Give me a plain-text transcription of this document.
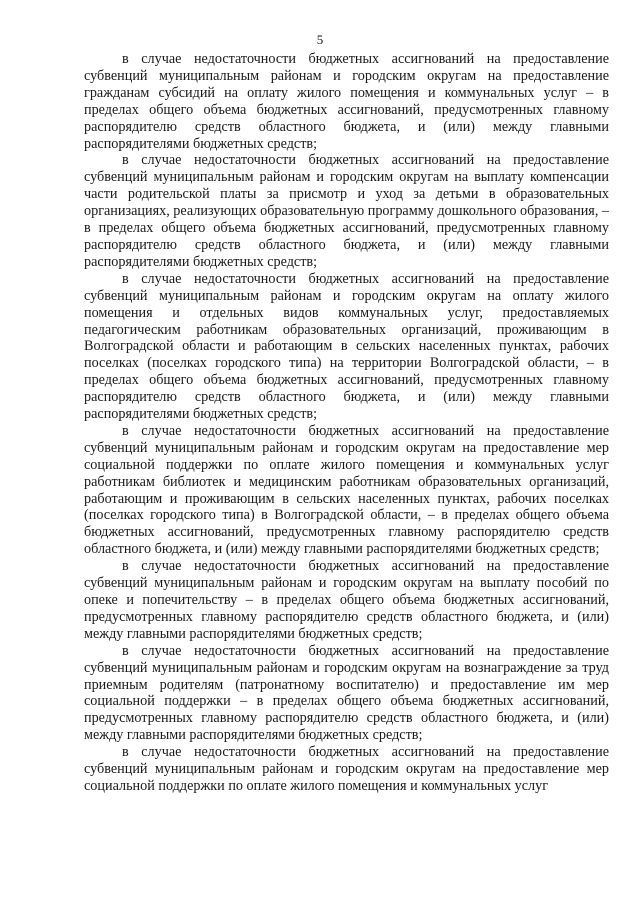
5

в случае недостаточности бюджетных ассигнований на предоставление субвенций муниципальным районам и городским округам на предоставление гражданам субсидий на оплату жилого помещения и коммунальных услуг – в пределах общего объема бюджетных ассигнований, предусмотренных главному распорядителю средств областного бюджета, и (или) между главными распорядителями бюджетных средств;

в случае недостаточности бюджетных ассигнований на предоставление субвенций муниципальным районам и городским округам на выплату компенсации части родительской платы за присмотр и уход за детьми в образовательных организациях, реализующих образовательную программу дошкольного образования, – в пределах общего объема бюджетных ассигнований, предусмотренных главному распорядителю средств областного бюджета, и (или) между главными распорядителями бюджетных средств;

в случае недостаточности бюджетных ассигнований на предоставление субвенций муниципальным районам и городским округам на оплату жилого помещения и отдельных видов коммунальных услуг, предоставляемых педагогическим работникам образовательных организаций, проживающим в Волгоградской области и работающим в сельских населенных пунктах, рабочих поселках (поселках городского типа) на территории Волгоградской области, – в пределах общего объема бюджетных ассигнований, предусмотренных главному распорядителю средств областного бюджета, и (или) между главными распорядителями бюджетных средств;

в случае недостаточности бюджетных ассигнований на предоставление субвенций муниципальным районам и городским округам на предоставление мер социальной поддержки по оплате жилого помещения и коммунальных услуг работникам библиотек и медицинским работникам образовательных организаций, работающим и проживающим в сельских населенных пунктах, рабочих поселках (поселках городского типа) в Волгоградской области, – в пределах общего объема бюджетных ассигнований, предусмотренных главному распорядителю средств областного бюджета, и (или) между главными распорядителями бюджетных средств;

в случае недостаточности бюджетных ассигнований на предоставление субвенций муниципальным районам и городским округам на выплату пособий по опеке и попечительству – в пределах общего объема бюджетных ассигнований, предусмотренных главному распорядителю средств областного бюджета, и (или) между главными распорядителями бюджетных средств;

в случае недостаточности бюджетных ассигнований на предоставление субвенций муниципальным районам и городским округам на вознаграждение за труд приемным родителям (патронатному воспитателю) и предоставление им мер социальной поддержки – в пределах общего объема бюджетных ассигнований, предусмотренных главному распорядителю средств областного бюджета, и (или) между главными распорядителями бюджетных средств;

в случае недостаточности бюджетных ассигнований на предоставление субвенций муниципальным районам и городским округам на предоставление мер социальной поддержки по оплате жилого помещения и коммунальных услуг
